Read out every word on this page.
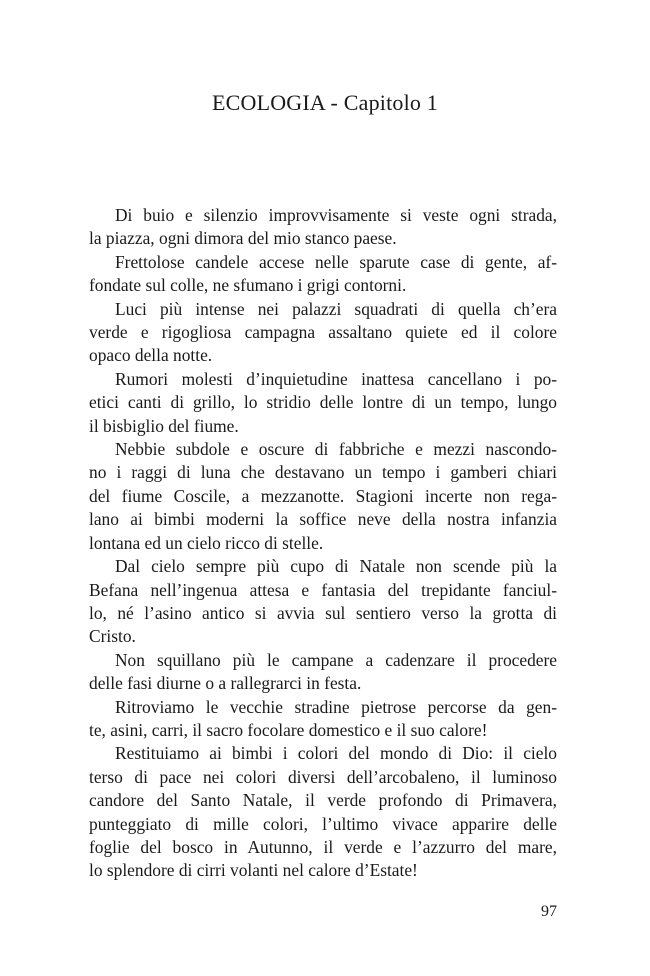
ECOLOGIA - Capitolo 1

Di buio e silenzio improvvisamente si veste ogni strada,
la piazza, ogni dimora del mio stanco paese.

Frettolose candele accese nelle sparute case di gente, af-
fondate sul colle, ne sfumano i grigi contorni.

Luci più intense nei palazzi squadrati di quella ch’era
verde e rigogliosa campagna assaltano quiete ed il colore
opaco della notte.

Rumori molesti d’inquietudine inattesa cancellano i po-
etici canti di grillo, lo stridio delle lontre di un tempo, lungo
il bisbiglio del fiume.

Nebbie subdole e oscure di fabbriche e mezzi nascondo-
no i raggi di luna che destavano un tempo i gamberi chiari
del fiume Coscile, a mezzanotte. Stagioni incerte non rega-
lano ai bimbi moderni la soffice neve della nostra infanzia
lontana ed un cielo ricco di stelle.

Dal cielo sempre più cupo di Natale non scende più la
Befana nell’ingenua attesa e fantasia del trepidante fanciul-
lo, né l’asino antico si avvia sul sentiero verso la grotta di
Cristo.

Non squillano più le campane a cadenzare il procedere
delle fasi diurne o a rallegrarci in festa.

Ritroviamo le vecchie stradine pietrose percorse da gen-
te, asini, carri, il sacro focolare domestico e il suo calore!

Restituiamo ai bimbi i colori del mondo di Dio: il cielo
terso di pace nei colori diversi dell’arcobaleno, il luminoso
candore del Santo Natale, il verde profondo di Primavera,
punteggiato di mille colori, l’ultimo vivace apparire delle
foglie del bosco in Autunno, il verde e l’azzurro del mare,
lo splendore di cirri volanti nel calore d’Estate!

97
